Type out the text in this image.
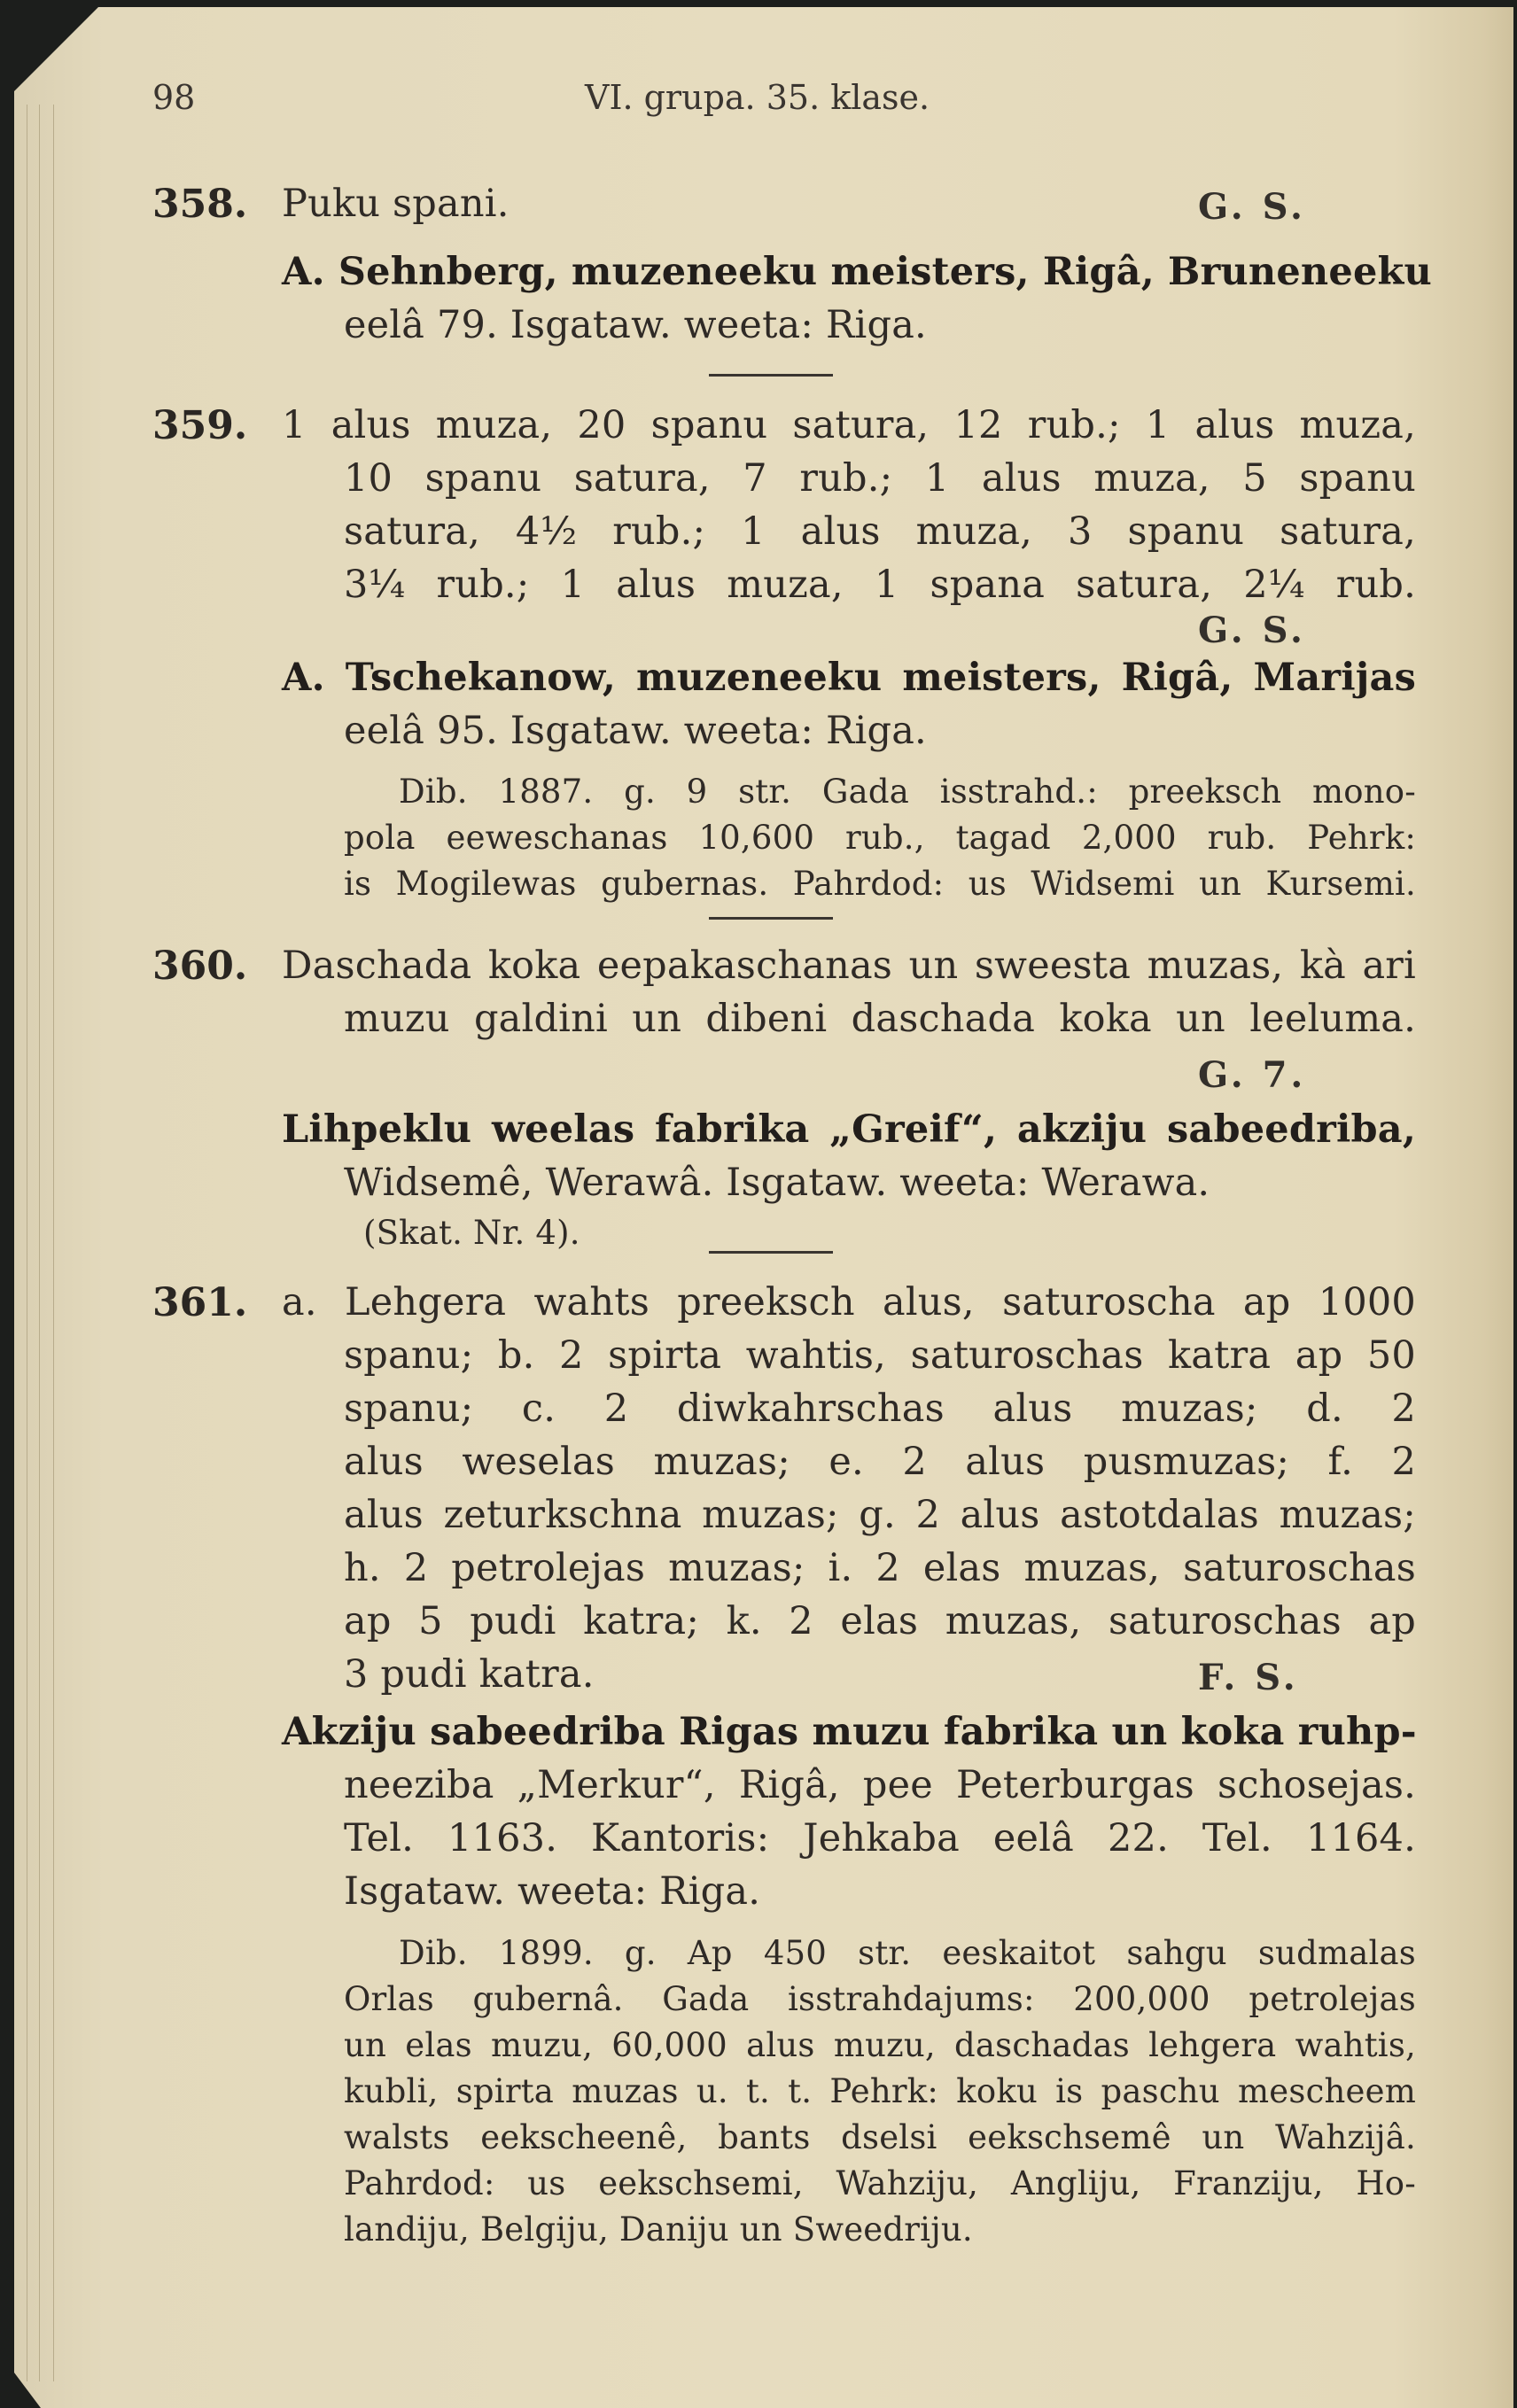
98	VI. grupa. 35. klase.
358. Puku spani.	G. S.
A. Sehnberg, muzeneeku meisters, Rigâ, Bruneneeku
eelâ 79. Isgataw. weeta: Riga.
359. 1 alus muza, 20 spanu satura, 12 rub.; 1 alus muza,
10 spanu satura, 7 rub.; 1 alus muza, 5 spanu
satura, 4½ rub.; 1 alus muza, 3 spanu satura,
3¼ rub.; 1 alus muza, 1 spana satura, 2¼ rub.
G. S.
A. Tschekanow, muzeneeku meisters, Rigâ, Marijas
eelâ 95. Isgataw. weeta: Riga.
Dib. 1887. g. 9 str. Gada isstrahd.: preeksch mono-
pola eeweschanas 10,600 rub., tagad 2,000 rub. Pehrk:
is Mogilewas gubernas. Pahrdod: us Widsemi un Kursemi.
360. Daschada koka eepakaschanas un sweesta muzas, kà ari
muzu galdini un dibeni daschada koka un leeluma.
G. 7.
Lihpeklu weelas fabrika „Greif“, akziju sabeedriba,
Widsemê, Werawâ. Isgataw. weeta: Werawa.
(Skat. Nr. 4).
361. a. Lehgera wahts preeksch alus, saturoscha ap 1000
spanu; b. 2 spirta wahtis, saturoschas katra ap 50
spanu; c. 2 diwkahrschas alus muzas; d. 2
alus weselas muzas; e. 2 alus pusmuzas; f. 2
alus zeturkschna muzas; g. 2 alus astotdalas muzas;
h. 2 petrolejas muzas; i. 2 elas muzas, saturoschas
ap 5 pudi katra; k. 2 elas muzas, saturoschas ap
3 pudi katra.	F. S.
Akziju sabeedriba Rigas muzu fabrika un koka ruhp-
neeziba „Merkur“, Rigâ, pee Peterburgas schosejas.
Tel. 1163. Kantoris: Jehkaba eelâ 22. Tel. 1164.
Isgataw. weeta: Riga.
Dib. 1899. g. Ap 450 str. eeskaitot sahgu sudmalas
Orlas gubernâ. Gada isstrahdajums: 200,000 petrolejas
un elas muzu, 60,000 alus muzu, daschadas lehgera wahtis,
kubli, spirta muzas u. t. t. Pehrk: koku is paschu mescheem
walsts eekscheenê, bants dselsi eekschsemê un Wahzijâ.
Pahrdod: us eekschsemi, Wahziju, Angliju, Franziju, Ho-
landiju, Belgiju, Daniju un Sweedriju.
